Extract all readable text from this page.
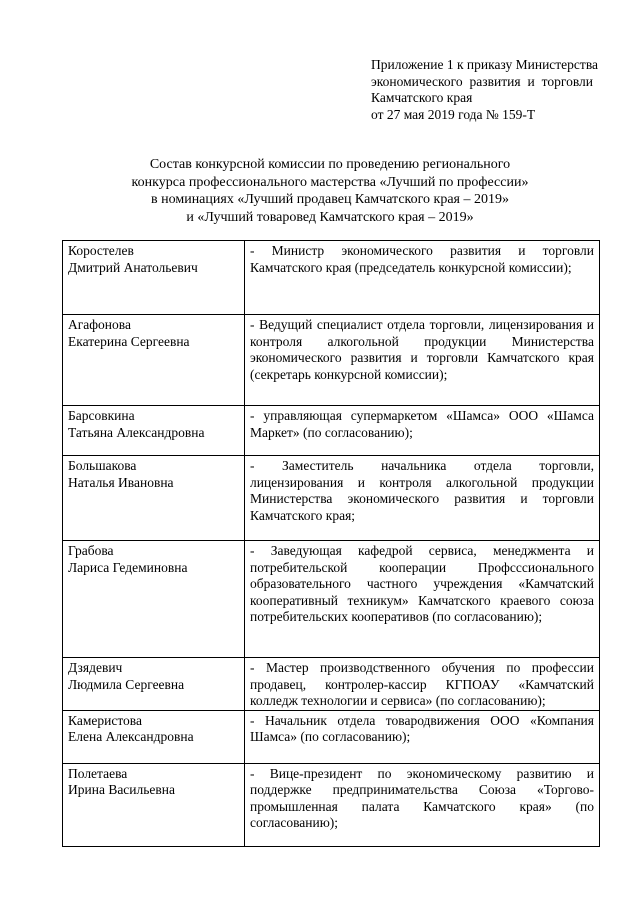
Приложение 1 к приказу Министерства
экономического развития и торговли
Камчатского края
от 27 мая 2019 года № 159-Т
Состав конкурсной комиссии по проведению регионального
конкурса профессионального мастерства «Лучший по профессии»
в номинациях «Лучший продавец Камчатского края – 2019»
и «Лучший товаровед Камчатского края – 2019»
Коростелев
Дмитрий Анатольевич	- Министр экономического развития и торговли Камчатского края (председатель конкурсной комиссии);

Агафонова
Екатерина Сергеевна	- Ведущий специалист отдела торговли, лицензирования и контроля алкогольной продукции Министерства экономического развития и торговли Камчатского края (секретарь конкурсной комиссии);

Барсовкина
Татьяна Александровна	- управляющая супермаркетом «Шамса» ООО «Шамса Маркет» (по согласованию);

Большакова
Наталья Ивановна	- Заместитель начальника отдела торговли, лицензирования и контроля алкогольной продукции Министерства экономического развития и торговли Камчатского края;

Грабова
Лариса Гедеминовна	- Заведующая кафедрой сервиса, менеджмента и потребительской кооперации Профсcсионального образовательного частного учреждения «Камчатский кооперативный техникум» Камчатского краевого союза потребительских кооперативов (по согласованию);

Дзядевич
Людмила Сергеевна	- Мастер производственного обучения по профессии продавец, контролер-кассир КГПОАУ «Камчатский колледж технологии и сервиса» (по согласованию);

Камеристова
Елена Александровна	- Начальник отдела товародвижения ООО «Компания Шамса» (по согласованию);

Полетаева
Ирина Васильевна	- Вице-президент по экономическому развитию и поддержке предпринимательства Союза «Торгово-промышленная палата Камчатского края» (по согласованию);
